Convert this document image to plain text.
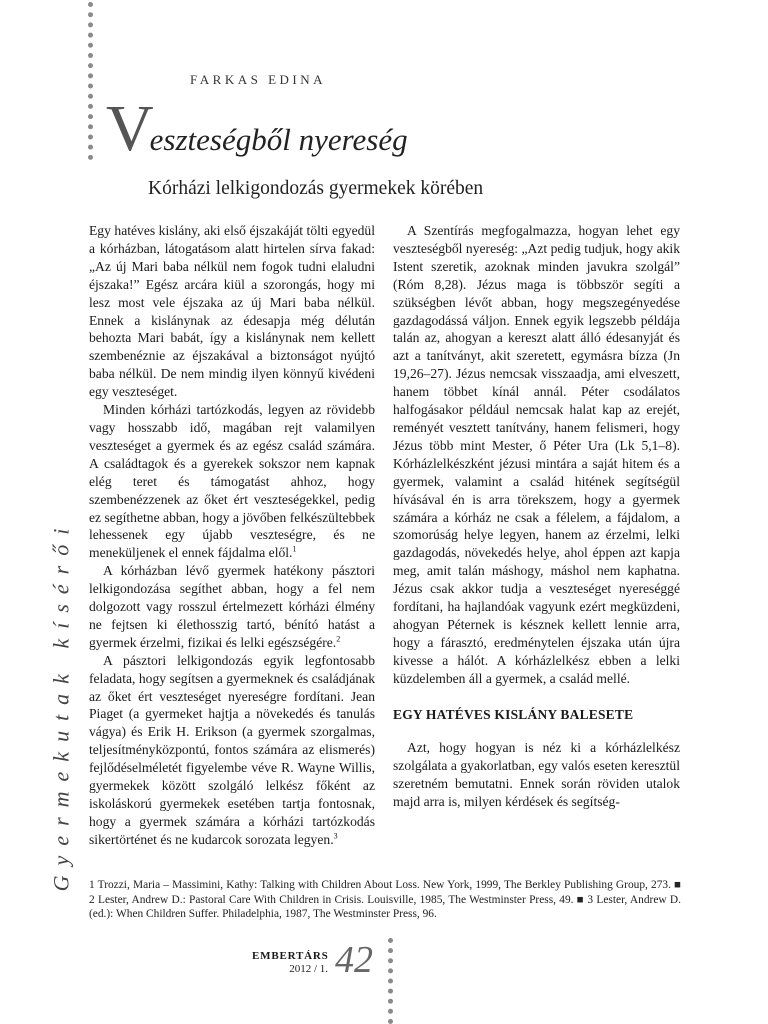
Gyermekutak kísérői
FARKAS EDINA
Veszteségből nyereség
Kórházi lelkigondozás gyermekek körében

Egy hatéves kislány, aki első éjszakáját tölti egyedül a kórházban, látogatásom alatt hirtelen sírva fakad: „Az új Mari baba nélkül nem fogok tudni elaludni éjszaka!” Egész arcára kiül a szorongás, hogy mi lesz most vele éjszaka az új Mari baba nélkül. Ennek a kislánynak az édesapja még délután behozta Mari babát, így a kislánynak nem kellett szembenéznie az éjszakával a biztonságot nyújtó baba nélkül. De nem mindig ilyen könnyű kivédeni egy veszteséget.

Minden kórházi tartózkodás, legyen az rövidebb vagy hosszabb idő, magában rejt valamilyen veszteséget a gyermek és az egész család számára. A családtagok és a gyerekek sokszor nem kapnak elég teret és támogatást ahhoz, hogy szembenézzenek az őket ért veszteségekkel, pedig ez segíthetne abban, hogy a jövőben felkészültebbek lehessenek egy újabb veszteségre, és ne meneküljenek el ennek fájdalma elől.$^1$

A kórházban lévő gyermek hatékony pásztori lelkigondozása segíthet abban, hogy a fel nem dolgozott vagy rosszul értelmezett kórházi élmény ne fejtsen ki élethosszig tartó, bénító hatást a gyermek érzelmi, fizikai és lelki egészségére.$^2$

A pásztori lelkigondozás egyik legfontosabb feladata, hogy segítsen a gyermeknek és családjának az őket ért veszteséget nyereségre fordítani. Jean Piaget (a gyermeket hajtja a növekedés és tanulás vágya) és Erik H. Erikson (a gyermek szorgalmas, teljesítményközpontú, fontos számára az elismerés) fejlődéselméletét figyelembe véve R. Wayne Willis, gyermekek között szolgáló lelkész főként az iskoláskorú gyermekek esetében tartja fontosnak, hogy a gyermek számára a kórházi tartózkodás sikertörténet és ne kudarcok sorozata legyen.$^3$

A Szentírás megfogalmazza, hogyan lehet egy veszteségből nyereség: „Azt pedig tudjuk, hogy akik Istent szeretik, azoknak minden javukra szolgál” (Róm 8,28). Jézus maga is többször segíti a szükségben lévőt abban, hogy megszegényedése gazdagodássá váljon. Ennek egyik legszebb példája talán az, ahogyan a kereszt alatt álló édesanyját és azt a tanítványt, akit szeretett, egymásra bízza (Jn 19,26–27). Jézus nemcsak visszaadja, ami elveszett, hanem többet kínál annál. Péter csodálatos halfogásakor például nemcsak halat kap az erejét, reményét vesztett tanítvány, hanem felismeri, hogy Jézus több mint Mester, ő Péter Ura (Lk 5,1–8). Kórházlelkészként jézusi mintára a saját hitem és a gyermek, valamint a család hitének segítségül hívásával én is arra törekszem, hogy a gyermek számára a kórház ne csak a félelem, a fájdalom, a szomorúság helye legyen, hanem az érzelmi, lelki gazdagodás, növekedés helye, ahol éppen azt kapja meg, amit talán máshogy, máshol nem kaphatna. Jézus csak akkor tudja a veszteséget nyereséggé fordítani, ha hajlandóak vagyunk ezért megküzdeni, ahogyan Péternek is késznek kellett lennie arra, hogy a fárasztó, eredménytelen éjszaka után újra kivesse a hálót. A kórházlelkész ebben a lelki küzdelemben áll a gyermek, a család mellé.

EGY HATÉVES KISLÁNY BALESETE

Azt, hogy hogyan is néz ki a kórházlelkész szolgálata a gyakorlatban, egy valós eseten keresztül szeretném bemutatni. Ennek során röviden utalok majd arra is, milyen kérdések és segítség-

1 Trozzi, Maria – Massimini, Kathy: Talking with Children About Loss. New York, 1999, The Berkley Publishing Group, 273. ■ 2 Lester, Andrew D.: Pastoral Care With Children in Crisis. Louisville, 1985, The Westminster Press, 49. ■ 3 Lester, Andrew D. (ed.): When Children Suffer. Philadelphia, 1987, The Westminster Press, 96.
EMBERTÁRS
2012 / 1. 42
